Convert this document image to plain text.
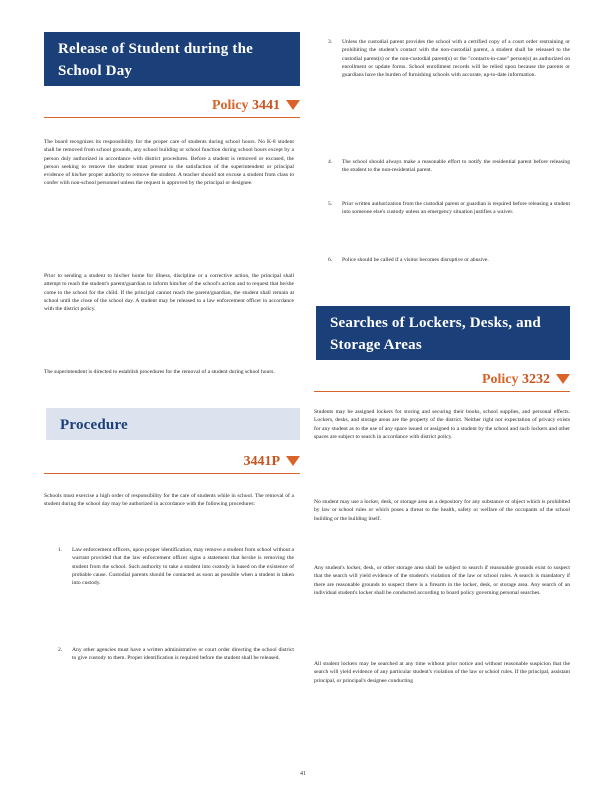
Release of Student during the School Day
Policy 3441

The board recognizes its responsibility for the proper care of students during school hours. No K-8 student shall be removed from school grounds, any school building or school function during school hours except by a person duly authorized in accordance with district procedures. Before a student is removed or excused, the person seeking to remove the student must present to the satisfaction of the superintendent or principal evidence of his/her proper authority to remove the student. A teacher should not excuse a student from class to confer with non-school personnel unless the request is approved by the principal or designee.

Prior to sending a student to his/her home for illness, discipline or a corrective action, the principal shall attempt to reach the student's parent/guardian to inform him/her of the school's action and to request that he/she come to the school for the child. If the principal cannot reach the parent/guardian, the student shall remain at school until the close of the school day. A student may be released to a law enforcement officer in accordance with the district policy.

The superintendent is directed to establish procedures for the removal of a student during school hours.

Procedure
3441P

Schools must exercise a high order of responsibility for the care of students while in school. The removal of a student during the school day may be authorized in accordance with the following procedures:

1. Law enforcement officers, upon proper identification, may remove a student from school without a warrant provided that the law enforcement officer signs a statement that he/she is removing the student from the school. Such authority to take a student into custody is based on the existence of probable cause. Custodial parents should be contacted as soon as possible when a student is taken into custody.
2. Any other agencies must have a written administrative or court order directing the school district to give custody to them. Proper identification is required before the student shall be released.
3. Unless the custodial parent provides the school with a certified copy of a court order restraining or prohibiting the student's contact with the non-custodial parent, a student shall be released to the custodial parent(s) or the non-custodial parent(s) or the "contacts-in-case" person(s) as authorized on enrollment or update forms. School enrollment records will be relied upon because the parents or guardians have the burden of furnishing schools with accurate, up-to-date information.
4. The school should always make a reasonable effort to notify the residential parent before releasing the student to the non-residential parent.
5. Prior written authorization from the custodial parent or guardian is required before releasing a student into someone else's custody unless an emergency situation justifies a waiver.
6. Police should be called if a visitor becomes disruptive or abusive.
Searches of Lockers, Desks, and Storage Areas
Policy 3232

Students may be assigned lockers for storing and securing their books, school supplies, and personal effects. Lockers, desks, and storage areas are the property of the district. Neither right nor expectation of privacy exists for any student as to the use of any space issued or assigned to a student by the school and such lockers and other spaces are subject to search in accordance with district policy.

No student may use a locker, desk, or storage area as a depository for any substance or object which is prohibited by law or school rules or which poses a threat to the health, safety or welfare of the occupants of the school building or the building itself.

Any student's locker, desk, or other storage area shall be subject to search if reasonable grounds exist to suspect that the search will yield evidence of the student's violation of the law or school rules. A search is mandatory if there are reasonable grounds to suspect there is a firearm in the locker, desk, or storage area. Any search of an individual student's locker shall be conducted according to board policy governing personal searches.

All student lockers may be searched at any time without prior notice and without reasonable suspicion that the search will yield evidence of any particular student's violation of the law or school rules. If the principal, assistant principal, or principal's designee conducting

41
